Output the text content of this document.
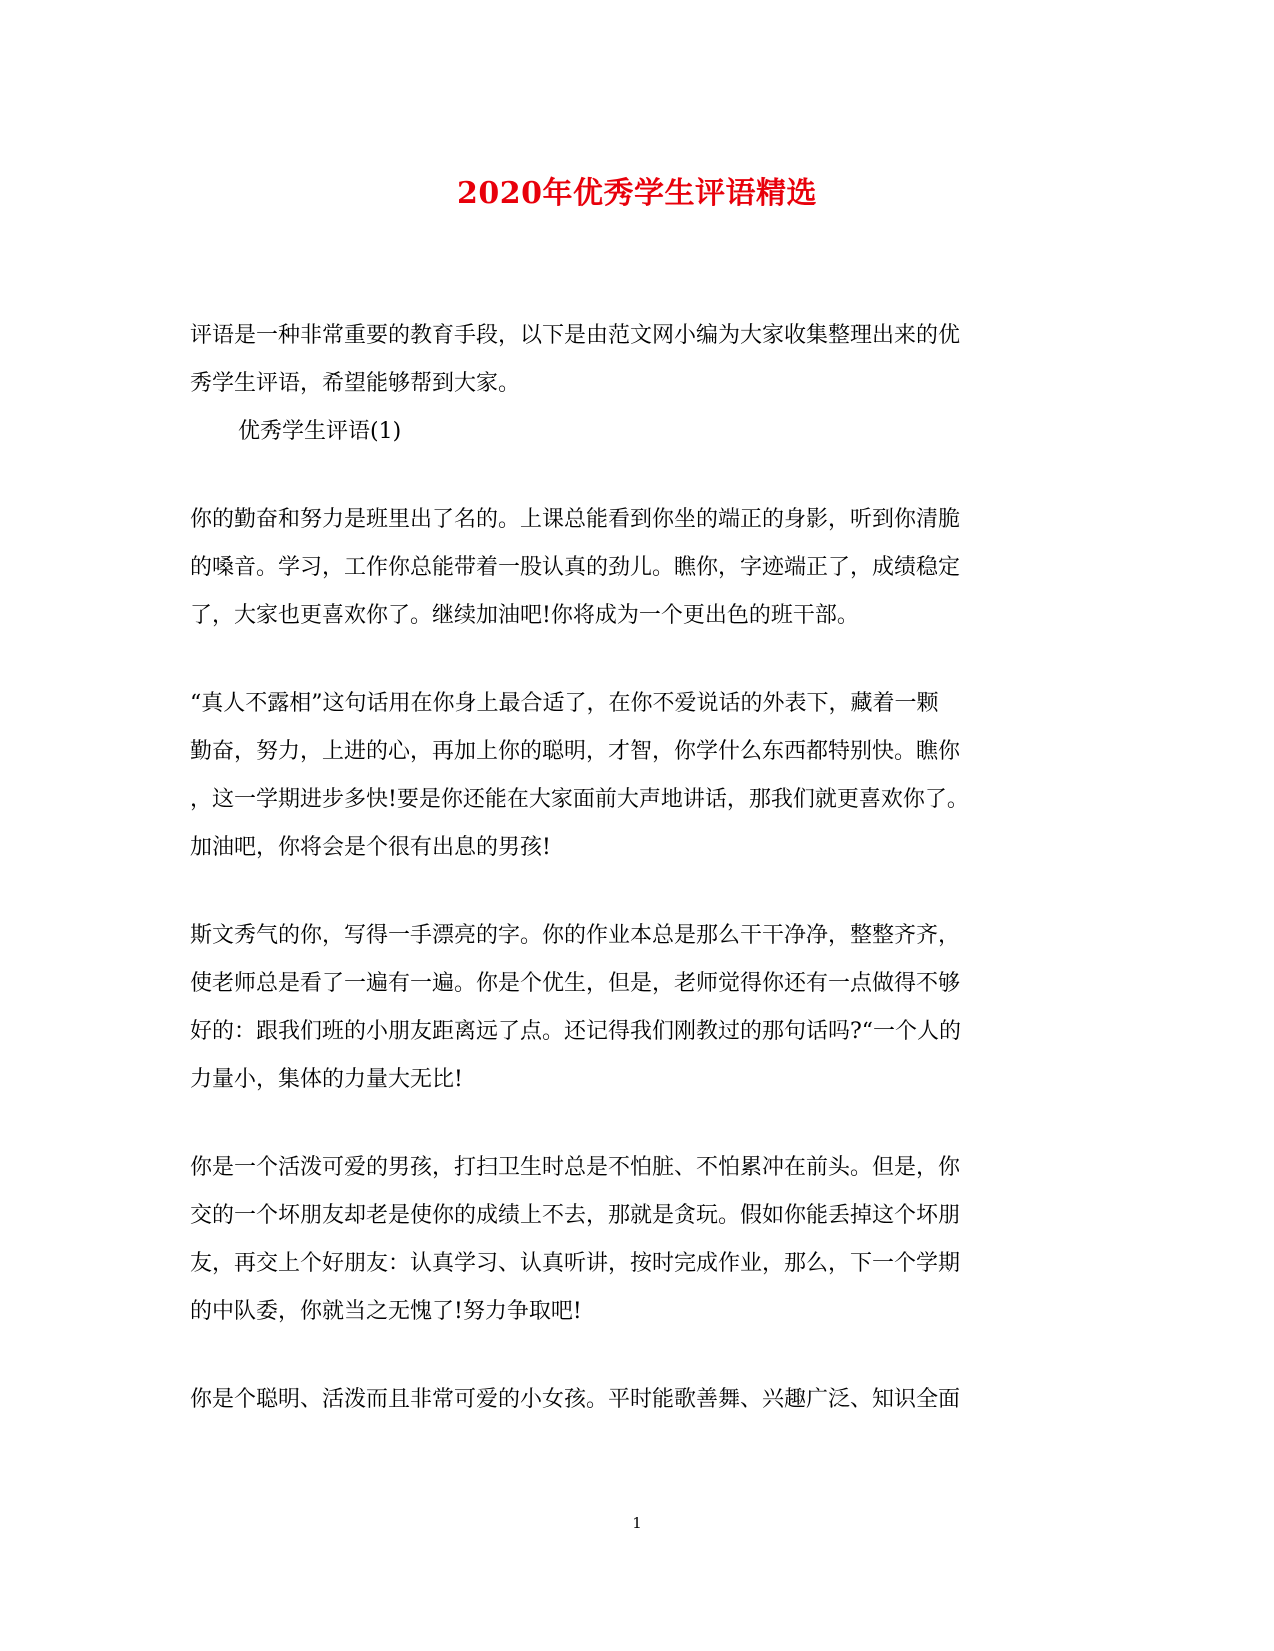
2020年优秀学生评语精选
评语是一种非常重要的教育手段，以下是由范文网小编为大家收集整理出来的优
秀学生评语，希望能够帮到大家。
优秀学生评语(1)
你的勤奋和努力是班里出了名的。上课总能看到你坐的端正的身影，听到你清脆
的嗓音。学习，工作你总能带着一股认真的劲儿。瞧你，字迹端正了，成绩稳定
了，大家也更喜欢你了。继续加油吧!你将成为一个更出色的班干部。
“真人不露相”这句话用在你身上最合适了，在你不爱说话的外表下，藏着一颗
勤奋，努力，上进的心，再加上你的聪明，才智，你学什么东西都特别快。瞧你
，这一学期进步多快!要是你还能在大家面前大声地讲话，那我们就更喜欢你了。
加油吧，你将会是个很有出息的男孩!
斯文秀气的你，写得一手漂亮的字。你的作业本总是那么干干净净，整整齐齐，
使老师总是看了一遍有一遍。你是个优生，但是，老师觉得你还有一点做得不够
好的：跟我们班的小朋友距离远了点。还记得我们刚教过的那句话吗?“一个人的
力量小，集体的力量大无比!
你是一个活泼可爱的男孩，打扫卫生时总是不怕脏、不怕累冲在前头。但是，你
交的一个坏朋友却老是使你的成绩上不去，那就是贪玩。假如你能丢掉这个坏朋
友，再交上个好朋友：认真学习、认真听讲，按时完成作业，那么，下一个学期
的中队委，你就当之无愧了!努力争取吧!
你是个聪明、活泼而且非常可爱的小女孩。平时能歌善舞、兴趣广泛、知识全面
1
